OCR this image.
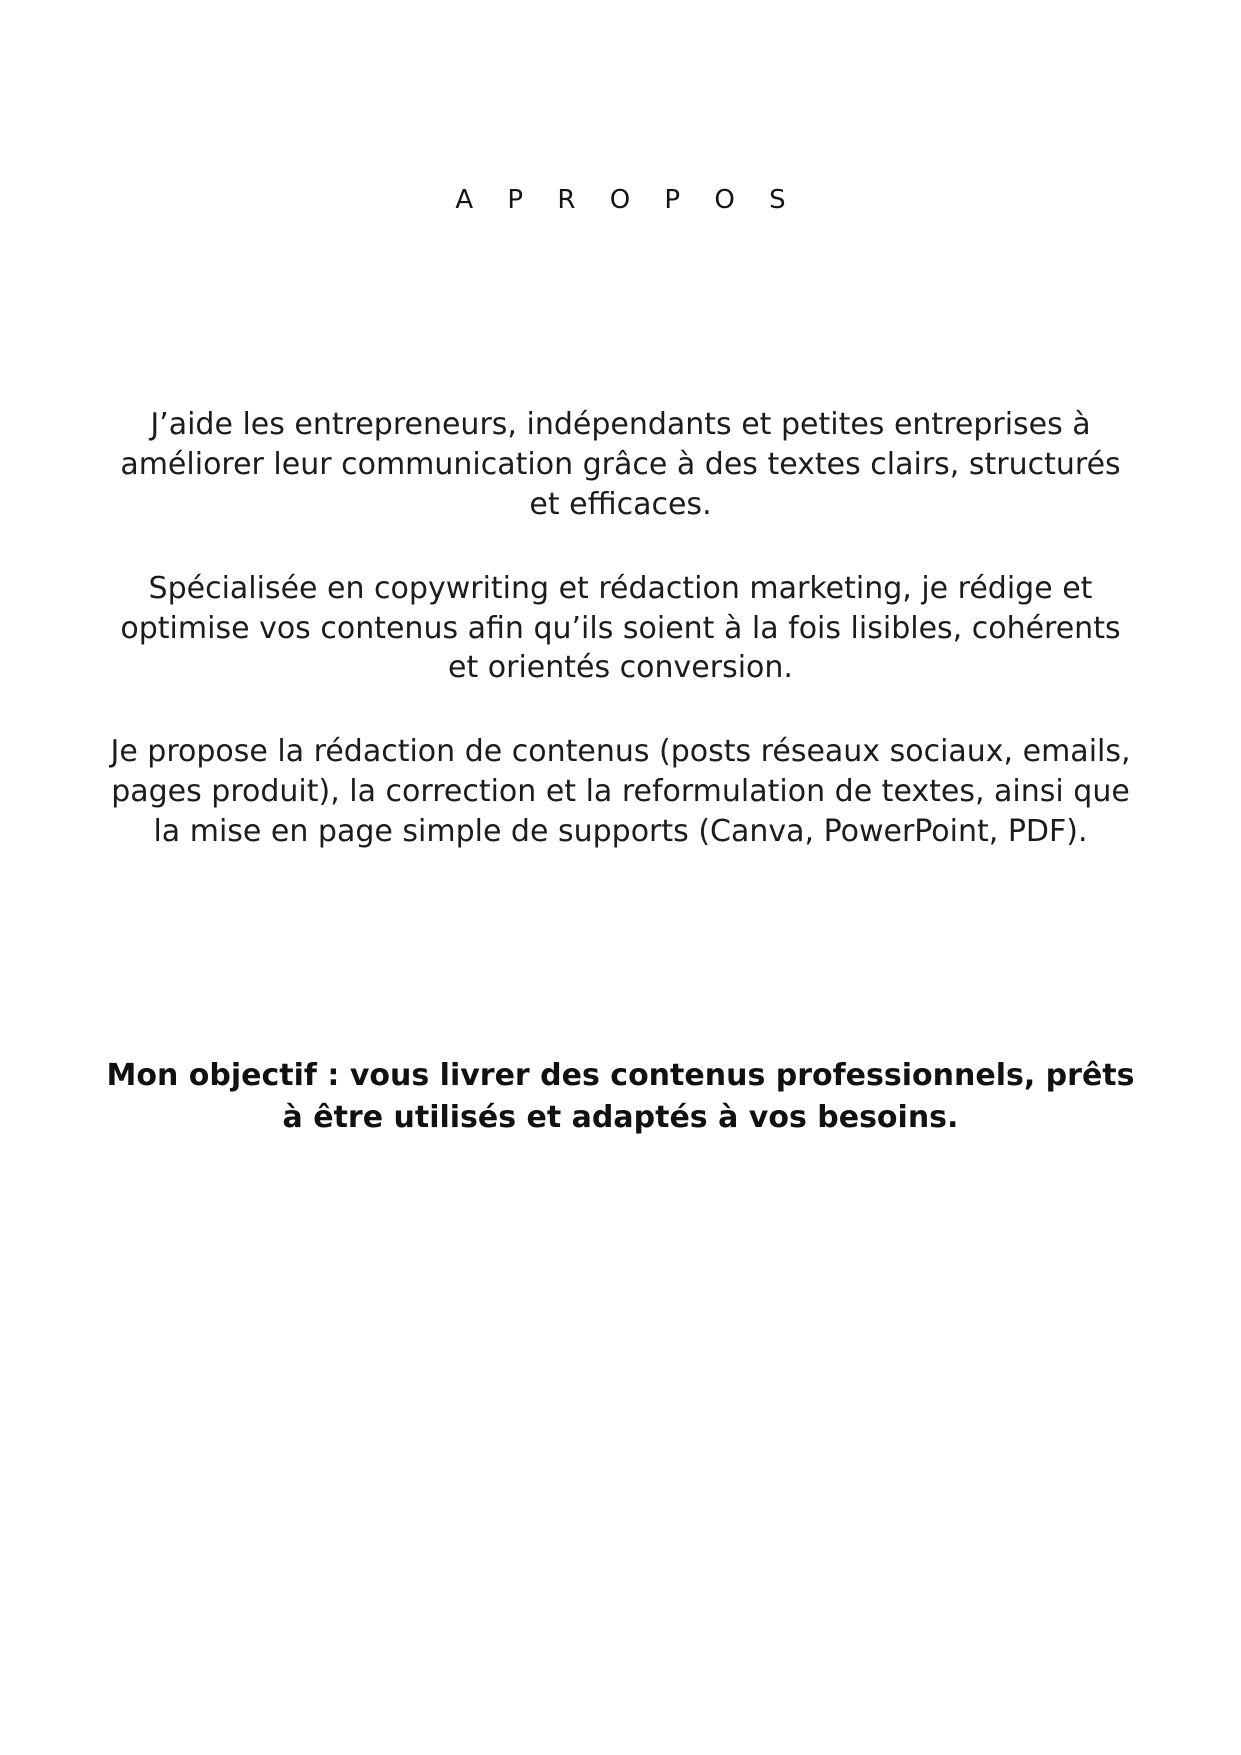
A P R O P O S

J’aide les entrepreneurs, indépendants et petites entreprises à améliorer leur communication grâce à des textes clairs, structurés et efficaces.

Spécialisée en copywriting et rédaction marketing, je rédige et optimise vos contenus afin qu’ils soient à la fois lisibles, cohérents et orientés conversion.

Je propose la rédaction de contenus (posts réseaux sociaux, emails, pages produit), la correction et la reformulation de textes, ainsi que la mise en page simple de supports (Canva, PowerPoint, PDF).

Mon objectif : vous livrer des contenus professionnels, prêts à être utilisés et adaptés à vos besoins.
